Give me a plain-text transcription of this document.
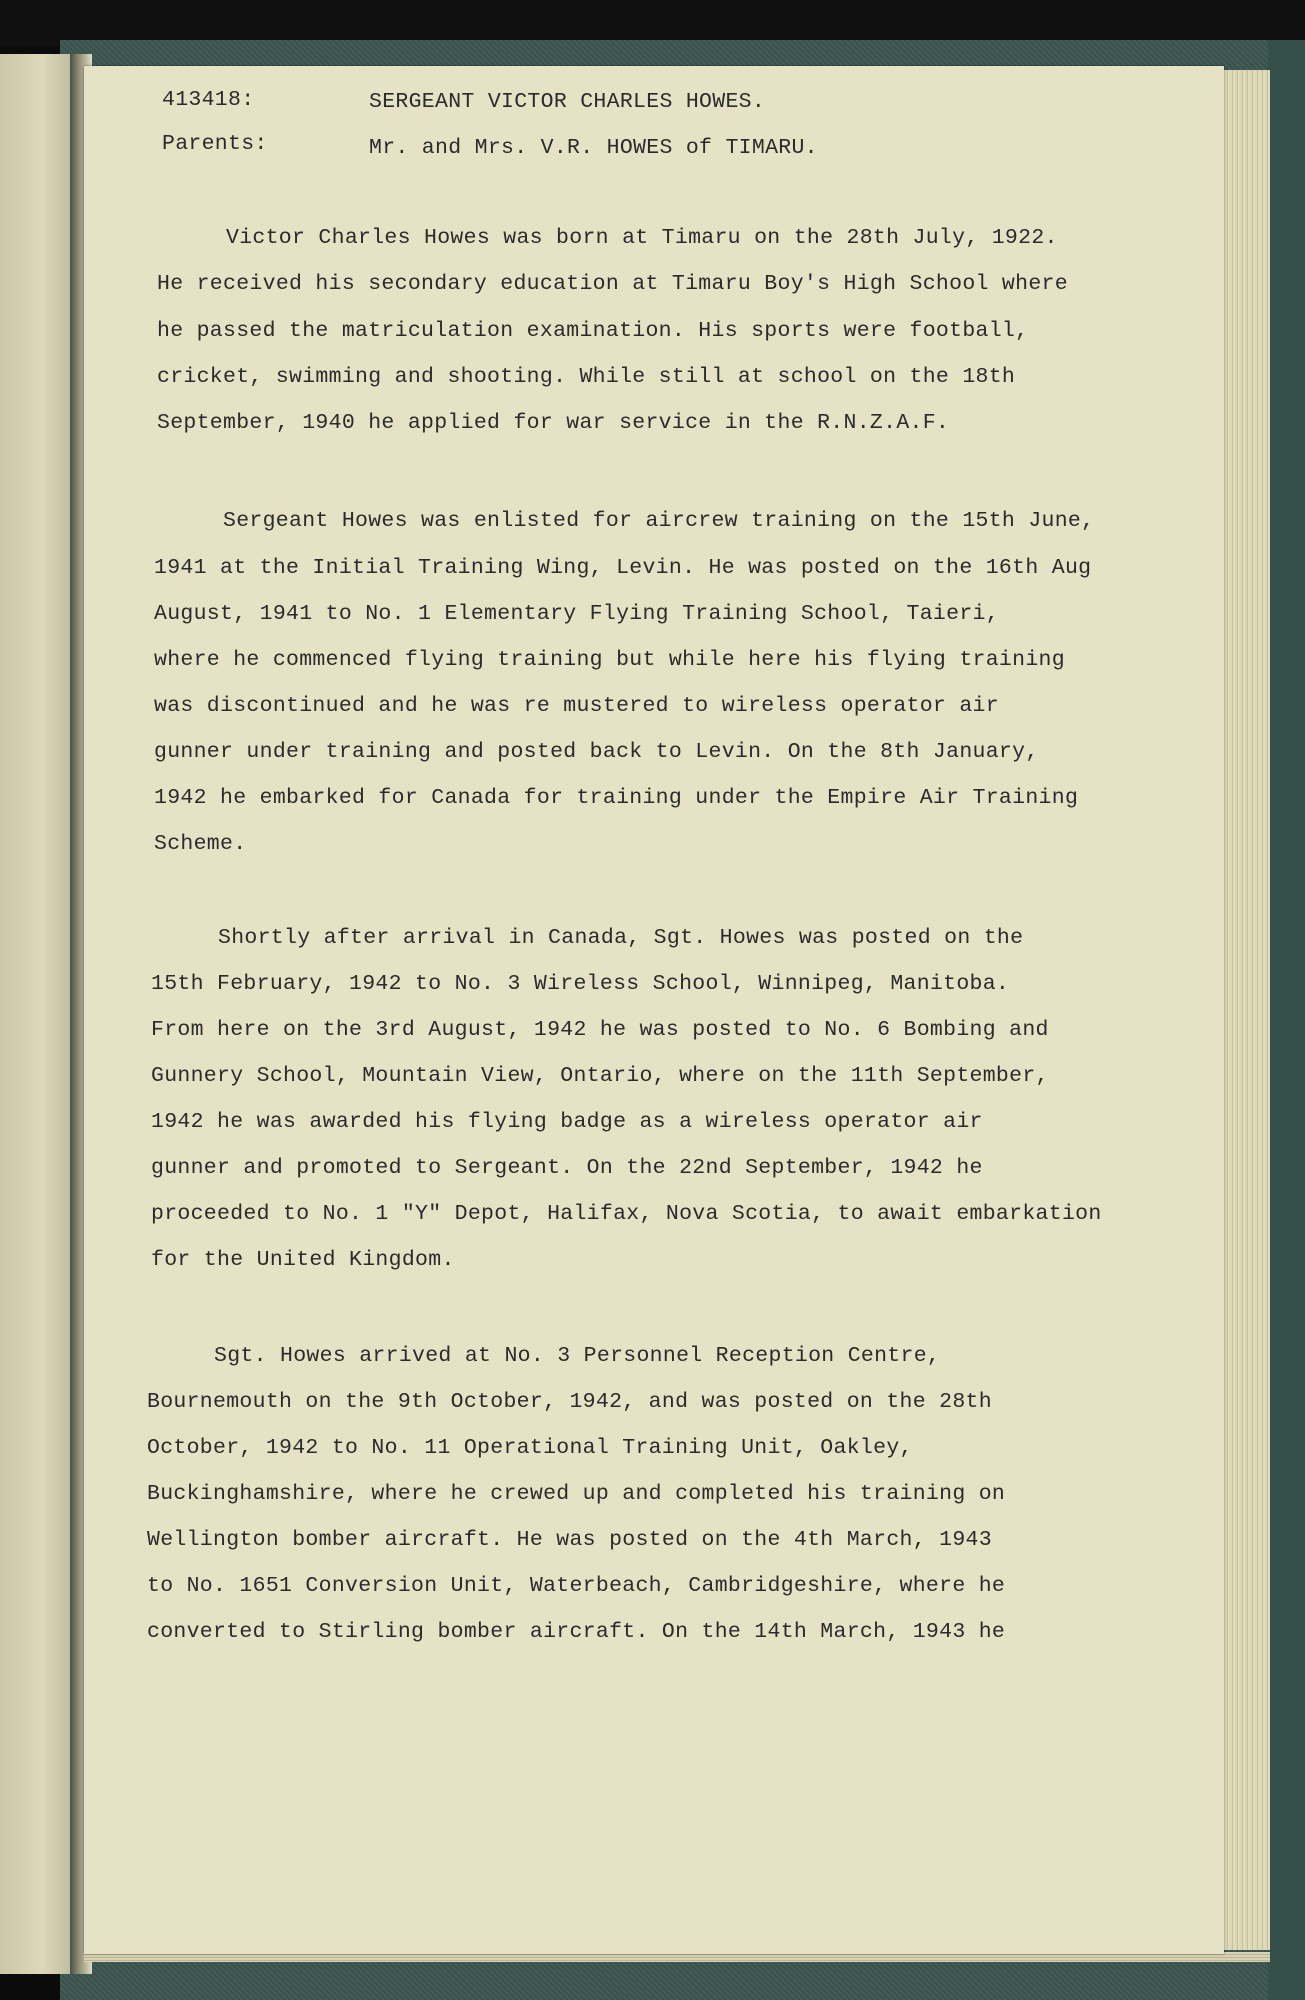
413418:	SERGEANT VICTOR CHARLES HOWES.
Parents:	Mr. and Mrs. V.R. HOWES of TIMARU.
Victor Charles Howes was born at Timaru on the 28th July, 1922.
He received his secondary education at Timaru Boy's High School where
he passed the matriculation examination. His sports were football,
cricket, swimming and shooting. While still at school on the 18th
September, 1940 he applied for war service in the R.N.Z.A.F.
Sergeant Howes was enlisted for aircrew training on the 15th June,
1941 at the Initial Training Wing, Levin. He was posted on the 16th Aug
August, 1941 to No. 1 Elementary Flying Training School, Taieri,
where he commenced flying training but while here his flying training
was discontinued and he was re mustered to wireless operator air
gunner under training and posted back to Levin. On the 8th January,
1942 he embarked for Canada for training under the Empire Air Training
Scheme.
Shortly after arrival in Canada, Sgt. Howes was posted on the
15th February, 1942 to No. 3 Wireless School, Winnipeg, Manitoba.
From here on the 3rd August, 1942 he was posted to No. 6 Bombing and
Gunnery School, Mountain View, Ontario, where on the 11th September,
1942 he was awarded his flying badge as a wireless operator air
gunner and promoted to Sergeant. On the 22nd September, 1942 he
proceeded to No. 1 "Y" Depot, Halifax, Nova Scotia, to await embarkation
for the United Kingdom.
Sgt. Howes arrived at No. 3 Personnel Reception Centre,
Bournemouth on the 9th October, 1942, and was posted on the 28th
October, 1942 to No. 11 Operational Training Unit, Oakley,
Buckinghamshire, where he crewed up and completed his training on
Wellington bomber aircraft. He was posted on the 4th March, 1943
to No. 1651 Conversion Unit, Waterbeach, Cambridgeshire, where he
converted to Stirling bomber aircraft. On the 14th March, 1943 he
